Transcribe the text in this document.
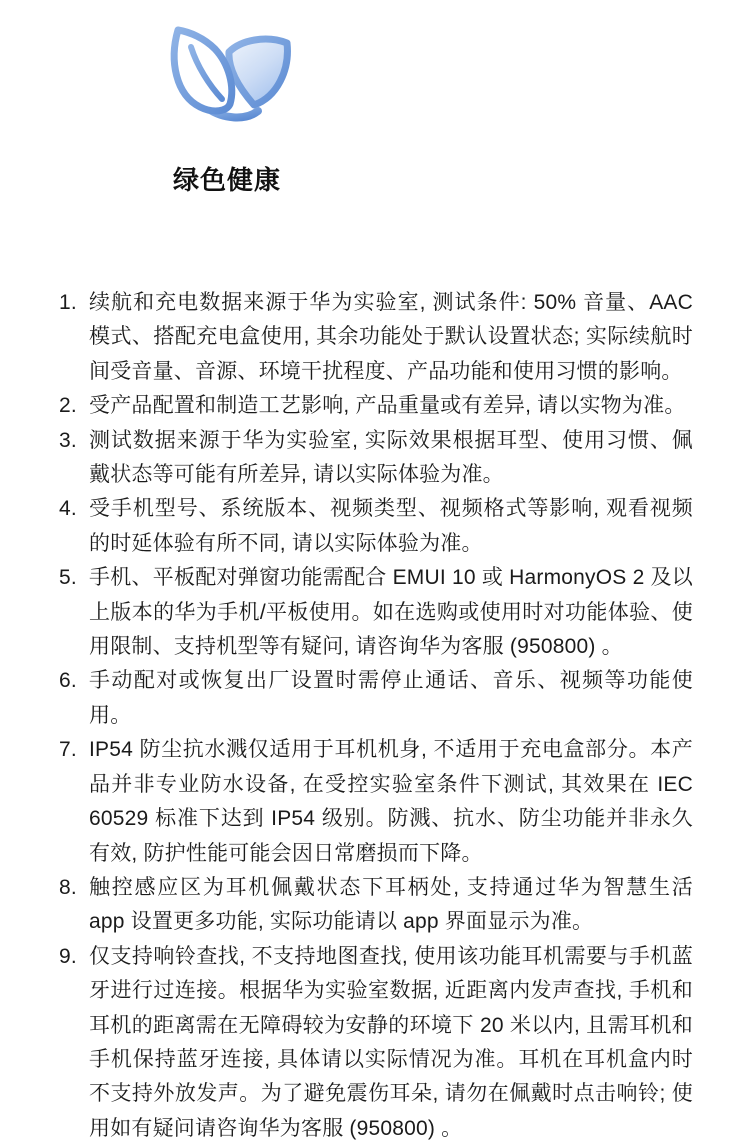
绿色健康
1. 续航和充电数据来源于华为实验室, 测试条件: 50% 音量、AAC 模式、搭配充电盒使用, 其余功能处于默认设置状态; 实际续航时间受音量、音源、环境干扰程度、产品功能和使用习惯的影响。
2. 受产品配置和制造工艺影响, 产品重量或有差异, 请以实物为准。
3. 测试数据来源于华为实验室, 实际效果根据耳型、使用习惯、佩戴状态等可能有所差异, 请以实际体验为准。
4. 受手机型号、系统版本、视频类型、视频格式等影响, 观看视频的时延体验有所不同, 请以实际体验为准。
5. 手机、平板配对弹窗功能需配合 EMUI 10 或 HarmonyOS 2 及以上版本的华为手机/平板使用。如在选购或使用时对功能体验、使用限制、支持机型等有疑问, 请咨询华为客服 (950800) 。
6. 手动配对或恢复出厂设置时需停止通话、音乐、视频等功能使用。
7. IP54 防尘抗水溅仅适用于耳机机身, 不适用于充电盒部分。本产品并非专业防水设备, 在受控实验室条件下测试, 其效果在 IEC 60529 标准下达到 IP54 级别。防溅、抗水、防尘功能并非永久有效, 防护性能可能会因日常磨损而下降。
8. 触控感应区为耳机佩戴状态下耳柄处, 支持通过华为智慧生活 app 设置更多功能, 实际功能请以 app 界面显示为准。
9. 仅支持响铃查找, 不支持地图查找, 使用该功能耳机需要与手机蓝牙进行过连接。根据华为实验室数据, 近距离内发声查找, 手机和耳机的距离需在无障碍较为安静的环境下 20 米以内, 且需耳机和手机保持蓝牙连接, 具体请以实际情况为准。耳机在耳机盒内时不支持外放发声。为了避免震伤耳朵, 请勿在佩戴时点击响铃; 使用如有疑问请咨询华为客服 (950800) 。
